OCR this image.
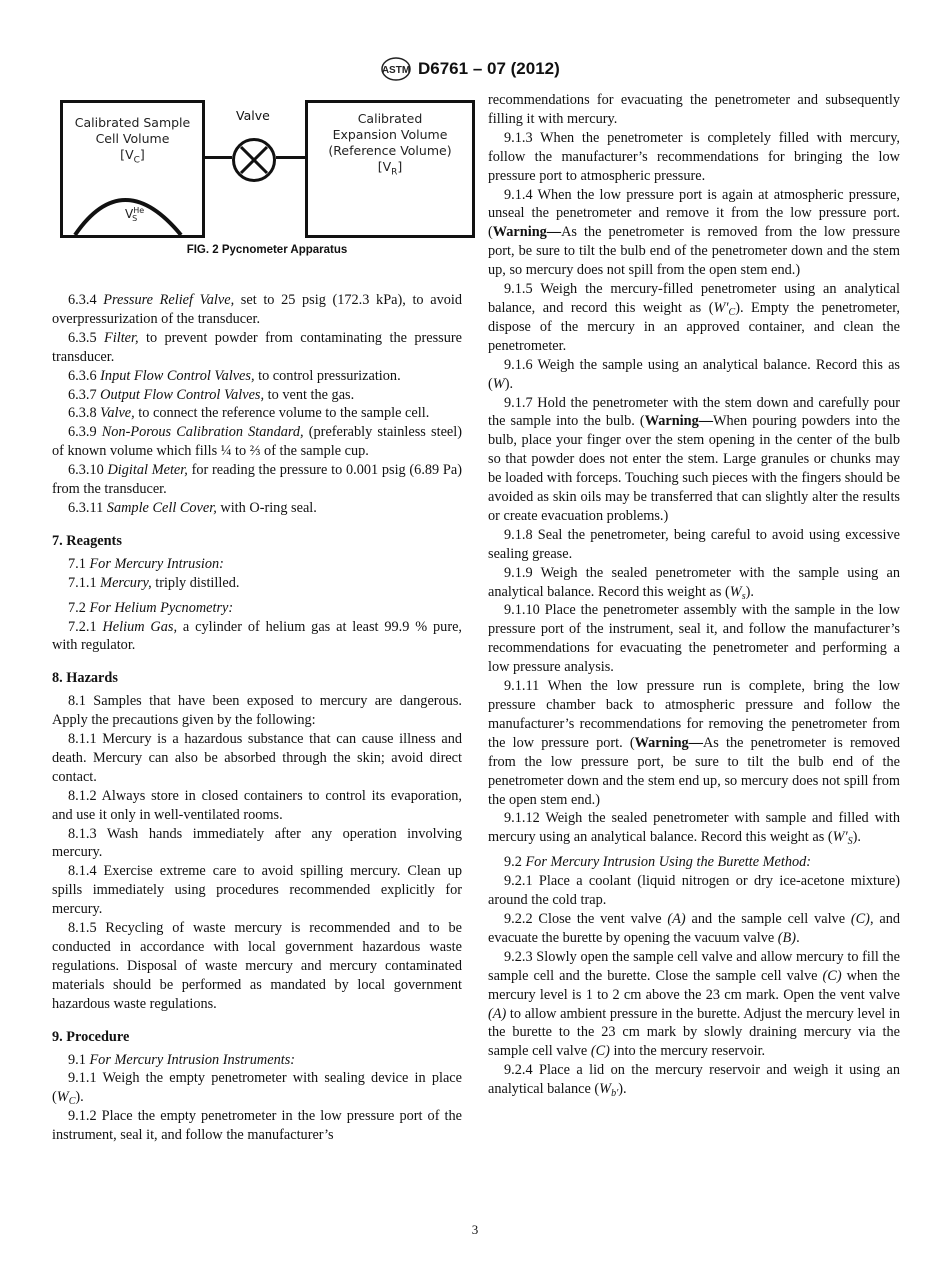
ASTM D6761 – 07 (2012)
Calibrated Sample
Cell Volume
$[V_C]$
$V^{He}_S$
Valve	Calibrated
Expansion Volume
(Reference Volume)
$[V_R]$
FIG. 2 Pycnometer Apparatus

6.3.4 Pressure Relief Valve, set to 25 psig (172.3 kPa), to avoid overpressurization of the transducer.

6.3.5 Filter, to prevent powder from contaminating the pressure transducer.

6.3.6 Input Flow Control Valves, to control pressurization.

6.3.7 Output Flow Control Valves, to vent the gas.

6.3.8 Valve, to connect the reference volume to the sample cell.

6.3.9 Non-Porous Calibration Standard, (preferably stainless steel) of known volume which fills ¼ to ⅔ of the sample cup.

6.3.10 Digital Meter, for reading the pressure to 0.001 psig (6.89 Pa) from the transducer.

6.3.11 Sample Cell Cover, with O-ring seal.

7. Reagents

7.1 For Mercury Intrusion:

7.1.1 Mercury, triply distilled.

7.2 For Helium Pycnometry:

7.2.1 Helium Gas, a cylinder of helium gas at least 99.9 % pure, with regulator.

8. Hazards

8.1 Samples that have been exposed to mercury are dangerous. Apply the precautions given by the following:

8.1.1 Mercury is a hazardous substance that can cause illness and death. Mercury can also be absorbed through the skin; avoid direct contact.

8.1.2 Always store in closed containers to control its evaporation, and use it only in well-ventilated rooms.

8.1.3 Wash hands immediately after any operation involving mercury.

8.1.4 Exercise extreme care to avoid spilling mercury. Clean up spills immediately using procedures recommended explicitly for mercury.

8.1.5 Recycling of waste mercury is recommended and to be conducted in accordance with local government hazardous waste regulations. Disposal of waste mercury and mercury contaminated materials should be performed as mandated by local government hazardous waste regulations.

9. Procedure

9.1 For Mercury Intrusion Instruments:

9.1.1 Weigh the empty penetrometer with sealing device in place $(W_C)$.

9.1.2 Place the empty penetrometer in the low pressure port of the instrument, seal it, and follow the manufacturer’s

recommendations for evacuating the penetrometer and subsequently filling it with mercury.

9.1.3 When the penetrometer is completely filled with mercury, follow the manufacturer’s recommendations for bringing the low pressure port to atmospheric pressure.

9.1.4 When the low pressure port is again at atmospheric pressure, unseal the penetrometer and remove it from the low pressure port. (Warning—As the penetrometer is removed from the low pressure port, be sure to tilt the bulb end of the penetrometer down and the stem up, so mercury does not spill from the open stem end.)

9.1.5 Weigh the mercury-filled penetrometer using an analytical balance, and record this weight as $(W'_C)$. Empty the penetrometer, dispose of the mercury in an approved container, and clean the penetrometer.

9.1.6 Weigh the sample using an analytical balance. Record this as (W).

9.1.7 Hold the penetrometer with the stem down and carefully pour the sample into the bulb. (Warning—When pouring powders into the bulb, place your finger over the stem opening in the center of the bulb so that powder does not enter the stem. Large granules or chunks may be loaded with forceps. Touching such pieces with the fingers should be avoided as skin oils may be transferred that can slightly alter the results or create evacuation problems.)

9.1.8 Seal the penetrometer, being careful to avoid using excessive sealing grease.

9.1.9 Weigh the sealed penetrometer with the sample using an analytical balance. Record this weight as $(W_s)$.

9.1.10 Place the penetrometer assembly with the sample in the low pressure port of the instrument, seal it, and follow the manufacturer’s recommendations for evacuating the penetrometer and performing a low pressure analysis.

9.1.11 When the low pressure run is complete, bring the low pressure chamber back to atmospheric pressure and follow the manufacturer’s recommendations for removing the penetrometer from the low pressure port. (Warning—As the penetrometer is removed from the low pressure port, be sure to tilt the bulb end of the penetrometer down and the stem end up, so mercury does not spill from the open stem end.)

9.1.12 Weigh the sealed penetrometer with sample and filled with mercury using an analytical balance. Record this weight as $(W'_S)$.

9.2 For Mercury Intrusion Using the Burette Method:

9.2.1 Place a coolant (liquid nitrogen or dry ice-acetone mixture) around the cold trap.

9.2.2 Close the vent valve (A) and the sample cell valve (C), and evacuate the burette by opening the vacuum valve (B).

9.2.3 Slowly open the sample cell valve and allow mercury to fill the sample cell and the burette. Close the sample cell valve (C) when the mercury level is 1 to 2 cm above the 23 cm mark. Open the vent valve (A) to allow ambient pressure in the burette. Adjust the mercury level in the burette to the 23 cm mark by slowly draining mercury via the sample cell valve (C) into the mercury reservoir.

9.2.4 Place a lid on the mercury reservoir and weigh it using an analytical balance $(W_{b'})$.

3
